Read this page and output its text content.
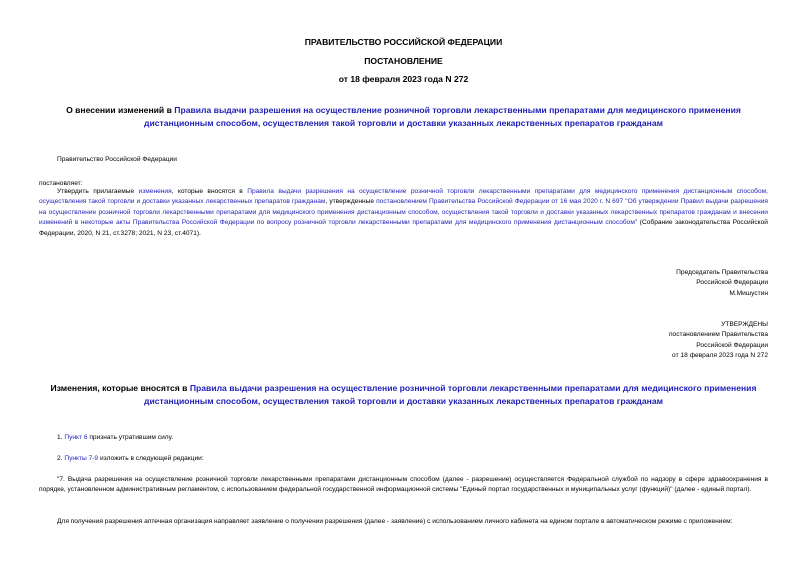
ПРАВИТЕЛЬСТВО РОССИЙСКОЙ ФЕДЕРАЦИИ

ПОСТАНОВЛЕНИЕ

от 18 февраля 2023 года N 272

О внесении изменений в Правила выдачи разрешения на осуществление розничной торговли лекарственными препаратами для медицинского применения
дистанционным способом, осуществления такой торговли и доставки указанных лекарственных препаратов гражданам
Правительство Российской Федерации
постановляет:
Утвердить прилагаемые изменения, которые вносятся в Правила выдачи разрешения на осуществление розничной торговли лекарственными препаратами для медицинского применения дистанционным способом, осуществления такой торговли и доставки указанных лекарственных препаратов гражданам, утвержденные постановлением Правительства Российской Федерации от 16 мая 2020 г. N 697 "Об утверждении Правил выдачи разрешения на осуществление розничной торговли лекарственными препаратами для медицинского применения дистанционным способом, осуществления такой торговли и доставки указанных лекарственных препаратов гражданам и внесении изменений в некоторые акты Правительства Российской Федерации по вопросу розничной торговли лекарственными препаратами для медицинского применения дистанционным способом" (Собрание законодательства Российской Федерации, 2020, N 21, ст.3278; 2021, N 23, ст.4071).
Председатель Правительства
Российской Федерации
М.Мишустин
УТВЕРЖДЕНЫ
постановлением Правительства
Российской Федерации
от 18 февраля 2023 года N 272
Изменения, которые вносятся в Правила выдачи разрешения на осуществление розничной торговли лекарственными препаратами для медицинского применения
дистанционным способом, осуществления такой торговли и доставки указанных лекарственных препаратов гражданам
1. Пункт 6 признать утратившим силу.
2. Пункты 7-9 изложить в следующей редакции:
"7. Выдача разрешения на осуществление розничной торговли лекарственными препаратами дистанционным способом (далее - разрешение) осуществляется Федеральной службой по надзору в сфере здравоохранения в порядке, установленном административным регламентом, с использованием федеральной государственной информационной системы "Единый портал государственных и муниципальных услуг (функций)" (далее - единый портал).
Для получения разрешения аптечная организация направляет заявление о получении разрешения (далее - заявление) с использованием личного кабинета на едином портале в автоматическом режиме с приложением:
